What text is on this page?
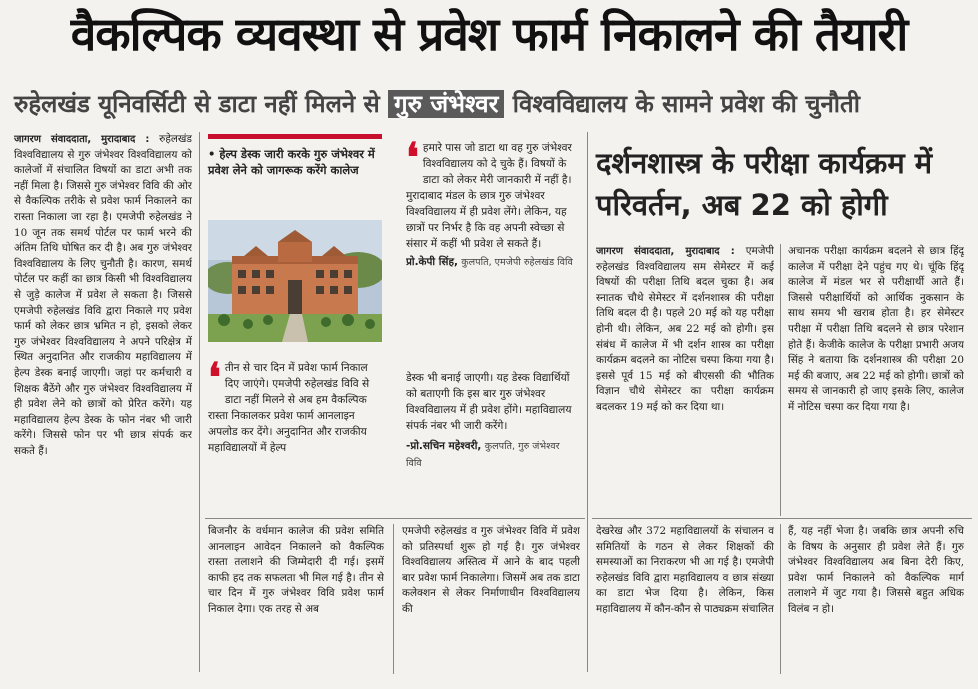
वैकल्पिक व्यवस्था से प्रवेश फार्म निकालने की तैयारी
रुहेलखंड यूनिवर्सिटी से डाटा नहीं मिलने से गुरु जंभेश्वर विश्वविद्यालय के सामने प्रवेश की चुनौती

जागरण संवाददाता, मुरादाबाद : रुहेलखंड विश्वविद्यालय से गुरु जंभेश्वर विश्वविद्यालय को कालेजों में संचालित विषयों का डाटा अभी तक नहीं मिला है। जिससे गुरु जंभेश्वर विवि की ओर से वैकल्पिक तरीके से प्रवेश फार्म निकालने का रास्ता निकाला जा रहा है। एमजेपी रुहेलखंड ने 10 जून तक समर्थ पोर्टल पर फार्म भरने की अंतिम तिथि घोषित कर दी है। अब गुरु जंभेश्वर विश्वविद्यालय के लिए चुनौती है। कारण, समर्थ पोर्टल पर कहीं का छात्र किसी भी विश्वविद्यालय से जुड़े कालेज में प्रवेश ले सकता है। जिससे एमजेपी रुहेलखंड विवि द्वारा निकाले गए प्रवेश फार्म को लेकर छात्र भ्रमित न हो, इसको लेकर गुरु जंभेश्वर विश्वविद्यालय ने अपने परिक्षेत्र में स्थित अनुदानित और राजकीय महाविद्यालय में हेल्प डेस्क बनाई जाएगी। जहां पर कर्मचारी व शिक्षक बैठेंगे और गुरु जंभेश्वर विश्वविद्यालय में ही प्रवेश लेने को छात्रों को प्रेरित करेंगे। यह महाविद्यालय हेल्प डेस्क के फोन नंबर भी जारी करेंगे। जिससे फोन पर भी छात्र संपर्क कर सकते हैं।

• हेल्प डेस्क जारी करके गुरु जंभेश्वर में प्रवेश लेने को जागरूक करेंगे कालेज
❛ तीन से चार दिन में प्रवेश फार्म निकाल दिए जाएंगे। एमजेपी रुहेलखंड विवि से डाटा नहीं मिलने से अब हम वैकल्पिक रास्ता निकालकर प्रवेश फार्म आनलाइन अपलोड कर देंगे। अनुदानित और राजकीय महाविद्यालयों में हेल्प
❛ हमारे पास जो डाटा था वह गुरु जंभेश्वर विश्वविद्यालय को दे चुके हैं। विषयों के डाटा को लेकर मेरी जानकारी में नहीं है। मुरादाबाद मंडल के छात्र गुरु जंभेश्वर विश्वविद्यालय में ही प्रवेश लेंगे। लेकिन, यह छात्रों पर निर्भर है कि वह अपनी स्वेच्छा से संसार में कहीं भी प्रवेश ले सकते हैं।
प्रो.केपी सिंह, कुलपति, एमजेपी रुहेलखंड विवि
डेस्क भी बनाई जाएगी। यह डेस्क विद्यार्थियों को बताएगी कि इस बार गुरु जंभेश्वर विश्वविद्यालय में ही प्रवेश होंगे। महाविद्यालय संपर्क नंबर भी जारी करेंगे।
-प्रो.सचिन महेश्वरी, कुलपति, गुरु जंभेश्वर विवि
बिजनौर के वर्धमान कालेज की प्रवेश समिति आनलाइन आवेदन निकालने को वैकल्पिक रास्ता तलाशने की जिम्मेदारी दी गई। इसमें काफी हद तक सफलता भी मिल गई है। तीन से चार दिन में गुरु जंभेश्वर विवि प्रवेश फार्म निकाल देगा। एक तरह से अब
एमजेपी रुहेलखंड व गुरु जंभेश्वर विवि में प्रवेश को प्रतिस्पर्धा शुरू हो गई है। गुरु जंभेश्वर विश्वविद्यालय अस्तित्व में आने के बाद पहली बार प्रवेश फार्म निकालेगा। जिसमें अब तक डाटा कलेक्शन से लेकर निर्माणाधीन विश्वविद्यालय की
देखरेख और 372 महाविद्यालयों के संचालन व समितियों के गठन से लेकर शिक्षकों की समस्याओं का निराकरण भी आ गई है। एमजेपी रुहेलखंड विवि द्वारा महाविद्यालय व छात्र संख्या का डाटा भेज दिया है। लेकिन, किस महाविद्यालय में कौन-कौन से पाठ्यक्रम संचालित
हैं, यह नहीं भेजा है। जबकि छात्र अपनी रुचि के विषय के अनुसार ही प्रवेश लेते हैं। गुरु जंभेश्वर विश्वविद्यालय अब बिना देरी किए, प्रवेश फार्म निकालने को वैकल्पिक मार्ग तलाशने में जुट गया है। जिससे बहुत अधिक विलंब न हो।
दर्शनशास्त्र के परीक्षा कार्यक्रम में परिवर्तन, अब 22 को होगी

जागरण संवाददाता, मुरादाबाद : एमजेपी रुहेलखंड विश्वविद्यालय सम सेमेस्टर में कई विषयों की परीक्षा तिथि बदल चुका है। अब स्नातक चौथे सेमेस्टर में दर्शनशास्त्र की परीक्षा तिथि बदल दी है। पहले 20 मई को यह परीक्षा होनी थी। लेकिन, अब 22 मई को होगी। इस संबंध में कालेज में भी दर्शन शास्त्र का परीक्षा कार्यक्रम बदलने का नोटिस चस्पा किया गया है। इससे पूर्व 15 मई को बीएससी की भौतिक विज्ञान चौथे सेमेस्टर का परीक्षा कार्यक्रम बदलकर 19 मई को कर दिया था।

अचानक परीक्षा कार्यक्रम बदलने से छात्र हिंदू कालेज में परीक्षा देने पहुंच गए थे। चूंकि हिंदू कालेज में मंडल भर से परीक्षार्थी आते हैं। जिससे परीक्षार्थियों को आर्थिक नुकसान के साथ समय भी खराब होता है। हर सेमेस्टर परीक्षा में परीक्षा तिथि बदलने से छात्र परेशान होते हैं। केजीके कालेज के परीक्षा प्रभारी अजय सिंह ने बताया कि दर्शनशास्त्र की परीक्षा 20 मई की बजाए, अब 22 मई को होगी। छात्रों को समय से जानकारी हो जाए इसके लिए, कालेज में नोटिस चस्पा कर दिया गया है।
